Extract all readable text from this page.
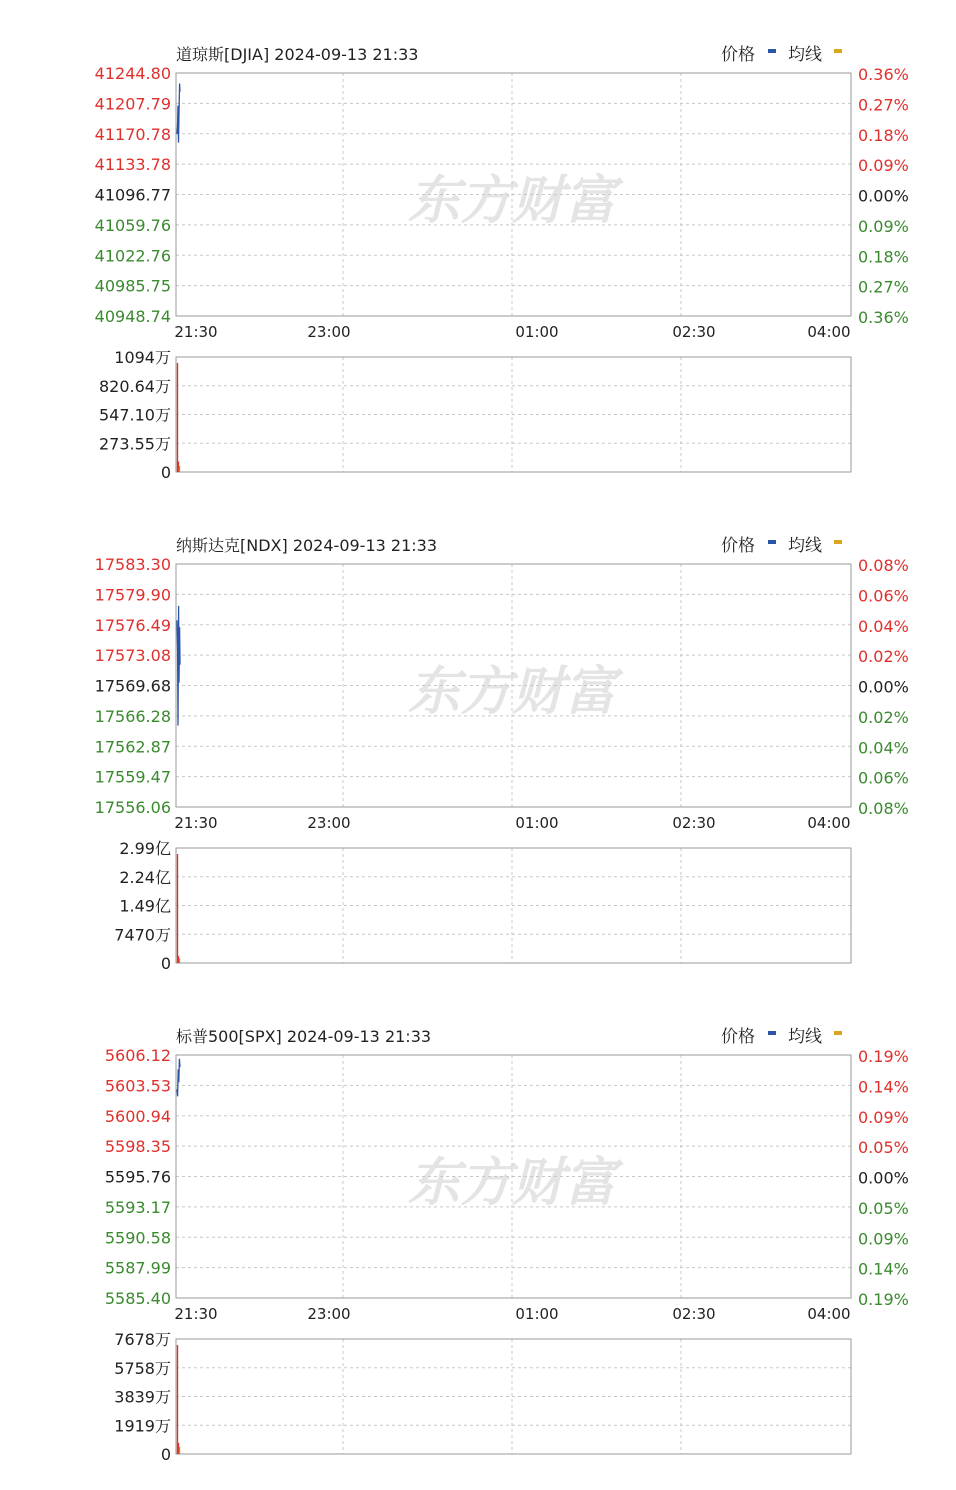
道琼斯[DJIA] 2024-09-13 21:33	价格 均线
东方财富
41244.80
41207.79
41170.78
41133.78
41096.77
41059.76
41022.76
40985.75
40948.74
0.36%
0.27%
0.18%
0.09%
0.00%
0.09%
0.18%
0.27%
0.36%
21:30	23:00	01:00	02:30	04:00
1094万
820.64万
547.10万
273.55万
0
纳斯达克[NDX] 2024-09-13 21:33	价格 均线
东方财富
17583.30
17579.90
17576.49
17573.08
17569.68
17566.28
17562.87
17559.47
17556.06
0.08%
0.06%
0.04%
0.02%
0.00%
0.02%
0.04%
0.06%
0.08%
21:30	23:00	01:00	02:30	04:00
2.99亿
2.24亿
1.49亿
7470万
0
标普500[SPX] 2024-09-13 21:33	价格 均线
东方财富
5606.12
5603.53
5600.94
5598.35
5595.76
5593.17
5590.58
5587.99
5585.40
0.19%
0.14%
0.09%
0.05%
0.00%
0.05%
0.09%
0.14%
0.19%
21:30	23:00	01:00	02:30	04:00
7678万
5758万
3839万
1919万
0
